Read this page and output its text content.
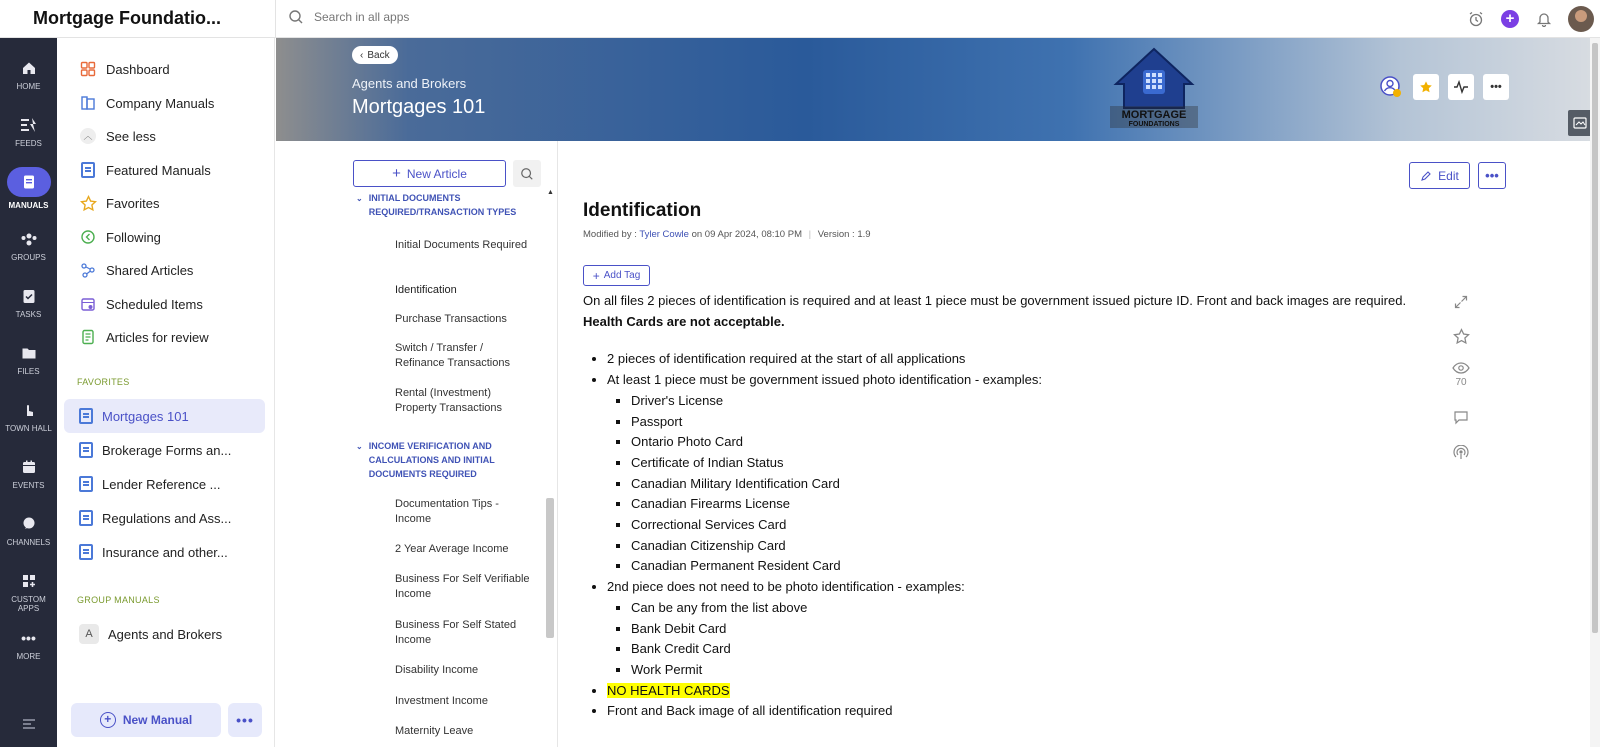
Mortgage Foundatio...	Search in all apps	+
HOME
FEEDS
MANUALS
GROUPS
TASKS
FILES
TOWN HALL
EVENTS
CHANNELS
CUSTOM APPS
•••
MORE
Dashboard
Company Manuals
︿ See less
Featured Manuals
Favorites
Following
Shared Articles
Scheduled Items
Articles for review
FAVORITES
Mortgages 101
Brokerage Forms an...
Lender Reference ...
Regulations and Ass...
Insurance and other...
GROUP MANUALS
A	Agents and Brokers
+ New Manual	•••
‹ Back
Agents and Brokers
Mortgages 101	MORTGAGE
FOUNDATIONS
•••
+ New Article
⌄ INITIAL DOCUMENTS REQUIRED/TRANSACTION TYPES
Initial Documents Required
Identification
Purchase Transactions
Switch / Transfer / Refinance Transactions
Rental (Investment) Property Transactions
⌄ INCOME VERIFICATION AND CALCULATIONS AND INITIAL DOCUMENTS REQUIRED
Documentation Tips - Income
2 Year Average Income
Business For Self Verifiable Income
Business For Self Stated Income
Disability Income
Investment Income
Maternity Leave
▲
Edit	•••
Identification
Modified by : Tyler Cowle on 09 Apr 2024, 08:10 PM | Version : 1.9
+ Add Tag
On all files 2 pieces of identification is required and at least 1 piece must be government issued picture ID. Front and back images are required.
Health Cards are not acceptable.
• 2 pieces of identification required at the start of all applications
• At least 1 piece must be government issued photo identification - examples:
▪ Driver's License
▪ Passport
▪ Ontario Photo Card
▪ Certificate of Indian Status
▪ Canadian Military Identification Card
▪ Canadian Firearms License
▪ Correctional Services Card
▪ Canadian Citizenship Card
▪ Canadian Permanent Resident Card
• 2nd piece does not need to be photo identification - examples:
▪ Can be any from the list above
▪ Bank Debit Card
▪ Bank Credit Card
▪ Work Permit
• NO HEALTH CARDS
• Front and Back image of all identification required
70
